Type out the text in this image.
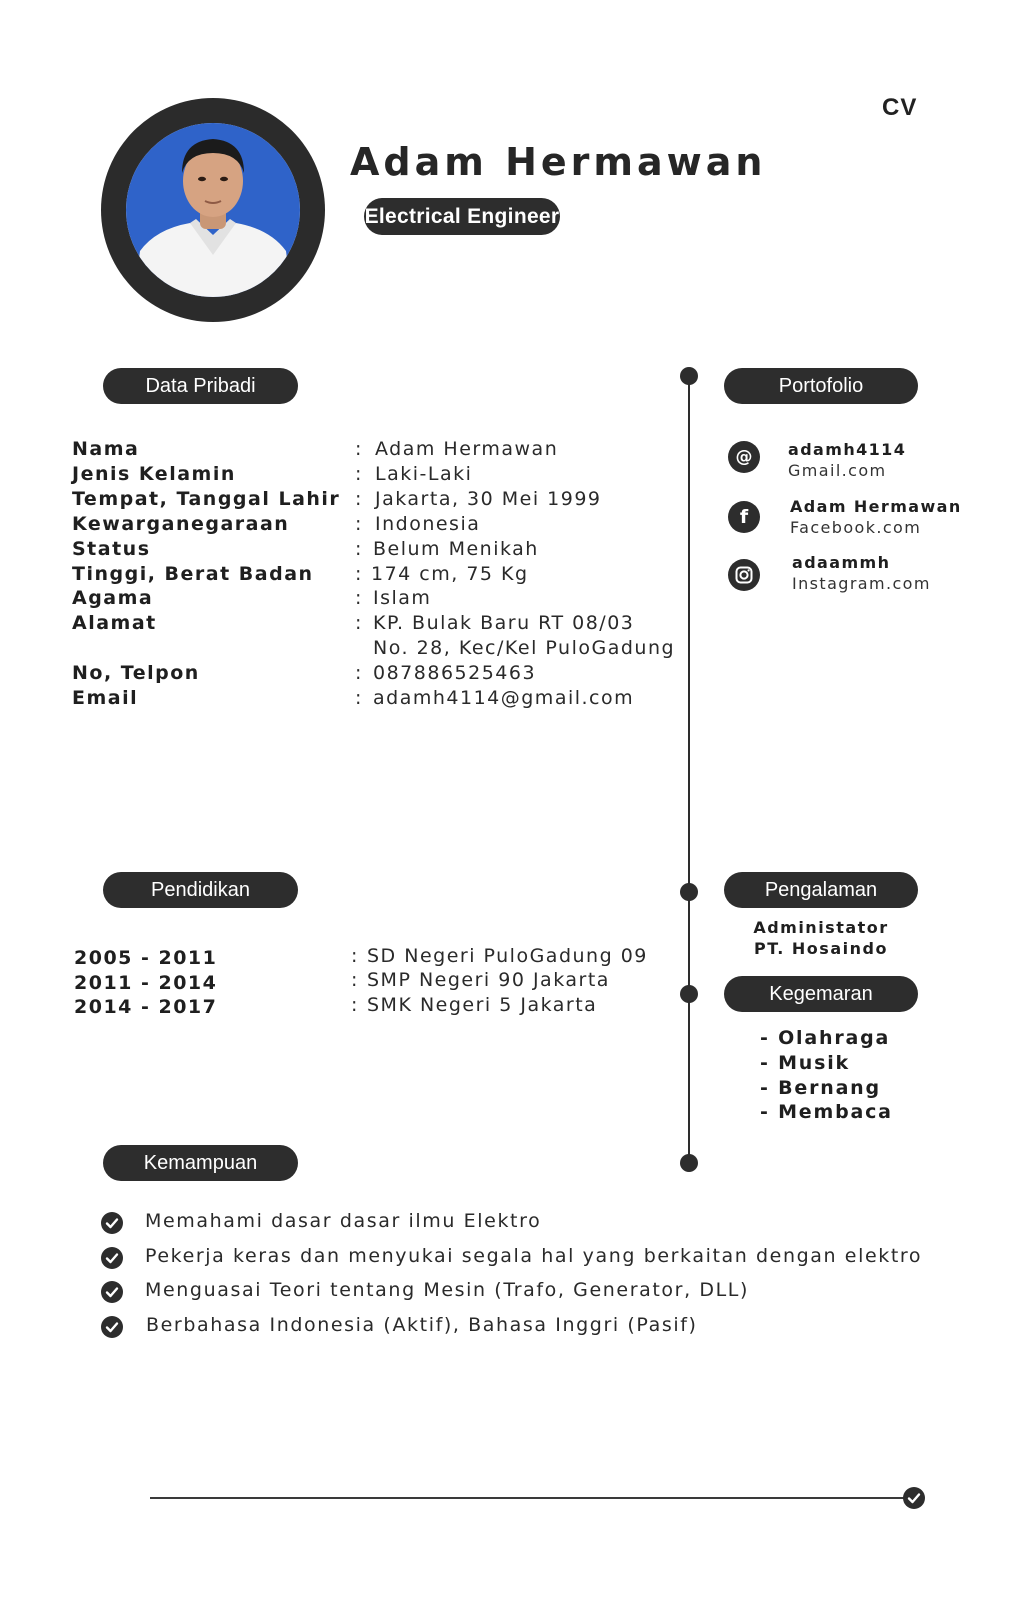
CV
Adam Hermawan
Electrical Engineer
Data Pribadi
Nama
Jenis Kelamin
Tempat, Tanggal Lahir
Kewarganegaraan
Status
Tinggi, Berat Badan
Agama
Alamat
No, Telpon
Email
:
:
:
:
:
:
:
:
:
:
Adam Hermawan
Laki-Laki
Jakarta, 30 Mei 1999
Indonesia
Belum Menikah
174 cm, 75 Kg
Islam
KP. Bulak Baru RT 08/03
No. 28, Kec/Kel PuloGadung
087886525463
adamh4114@gmail.com
Portofolio
@	adamh4114
Gmail.com
f	Adam Hermawan
Facebook.com
adaammh
Instagram.com
Pendidikan
2005 - 2011
2011 - 2014
2014 - 2017
:
:
:
SD Negeri PuloGadung 09
SMP Negeri 90 Jakarta
SMK Negeri 5 Jakarta
Pengalaman
Administator
PT. Hosaindo
Kegemaran
- Olahraga
- Musik
- Bernang
- Membaca
Kemampuan
Memahami dasar dasar ilmu Elektro
Pekerja keras dan menyukai segala hal yang berkaitan dengan elektro
Menguasai Teori tentang Mesin (Trafo, Generator, DLL)
Berbahasa Indonesia (Aktif), Bahasa Inggri (Pasif)
